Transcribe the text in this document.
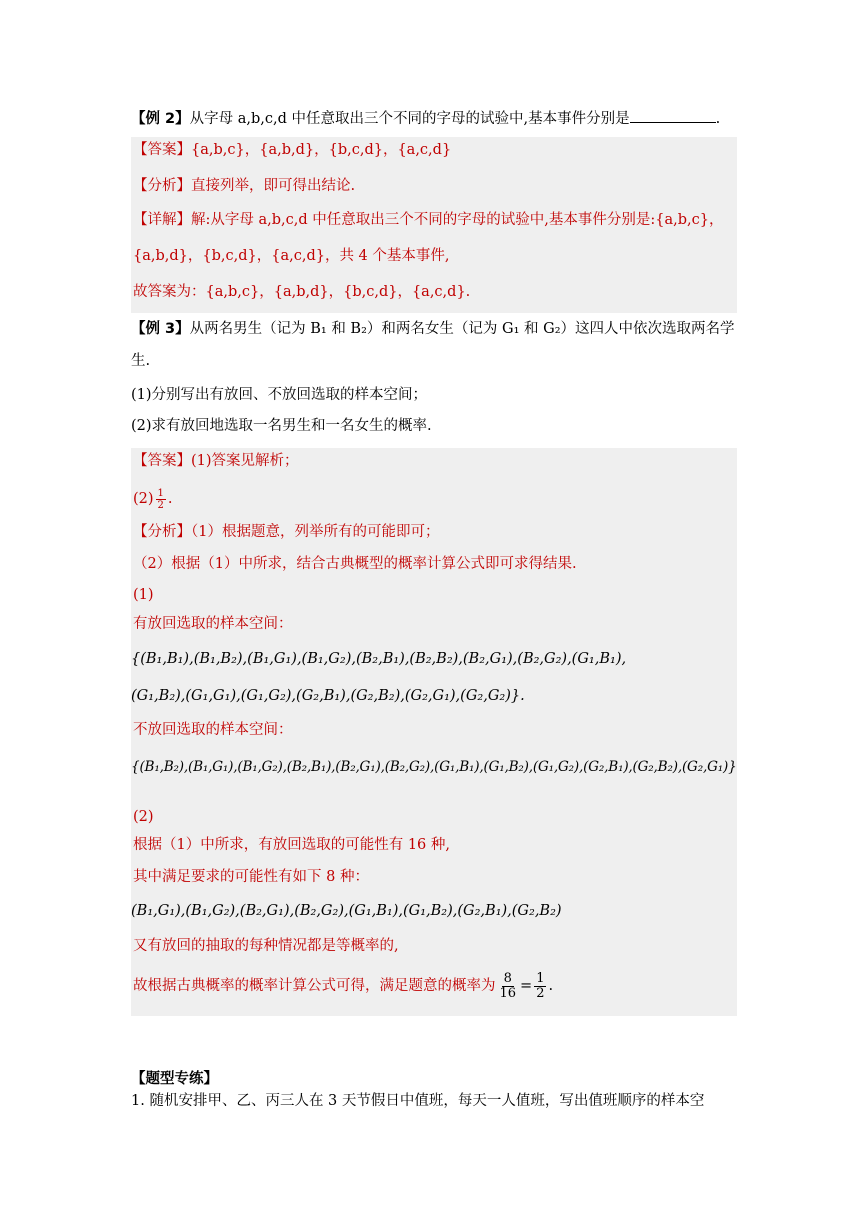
【例 2】从字母 a,b,c,d 中任意取出三个不同的字母的试验中,基本事件分别是	.
【答案】{a,b,c}，{a,b,d}，{b,c,d}，{a,c,d}
【分析】直接列举，即可得出结论.
【详解】解:从字母 a,b,c,d 中任意取出三个不同的字母的试验中,基本事件分别是:{a,b,c}，
{a,b,d}，{b,c,d}，{a,c,d}，共 4 个基本事件,
故答案为：{a,b,c}，{a,b,d}，{b,c,d}，{a,c,d}.
【例 3】从两名男生（记为 B₁ 和 B₂）和两名女生（记为 G₁ 和 G₂）这四人中依次选取两名学
生.
(1)分别写出有放回、不放回选取的样本空间；
(2)求有放回地选取一名男生和一名女生的概率.
【答案】(1)答案见解析；
$(2) \frac{1}{2}$ .
【分析】（1）根据题意，列举所有的可能即可；
（2）根据（1）中所求，结合古典概型的概率计算公式即可求得结果.
(1)
有放回选取的样本空间：
{(B₁,B₁),(B₁,B₂),(B₁,G₁),(B₁,G₂),(B₂,B₁),(B₂,B₂),(B₂,G₁),(B₂,G₂),(G₁,B₁),
(G₁,B₂),(G₁,G₁),(G₁,G₂),(G₂,B₁),(G₂,B₂),(G₂,G₁),(G₂,G₂)}.
不放回选取的样本空间：
{(B₁,B₂),(B₁,G₁),(B₁,G₂),(B₂,B₁),(B₂,G₁),(B₂,G₂),(G₁,B₁),(G₁,B₂),(G₁,G₂),(G₂,B₁),(G₂,B₂),(G₂,G₁)}
(2)
根据（1）中所求，有放回选取的可能性有 16 种,
其中满足要求的可能性有如下 8 种：
(B₁,G₁),(B₁,G₂),(B₂,G₁),(B₂,G₂),(G₁,B₁),(G₁,B₂),(G₂,B₁),(G₂,B₂)
又有放回的抽取的每种情况都是等概率的,
故根据古典概率的概率计算公式可得，满足题意的概率为 $\frac{8}{16} = \frac{1}{2}$ .
【题型专练】
1. 随机安排甲、乙、丙三人在 3 天节假日中值班，每天一人值班，写出值班顺序的样本空
